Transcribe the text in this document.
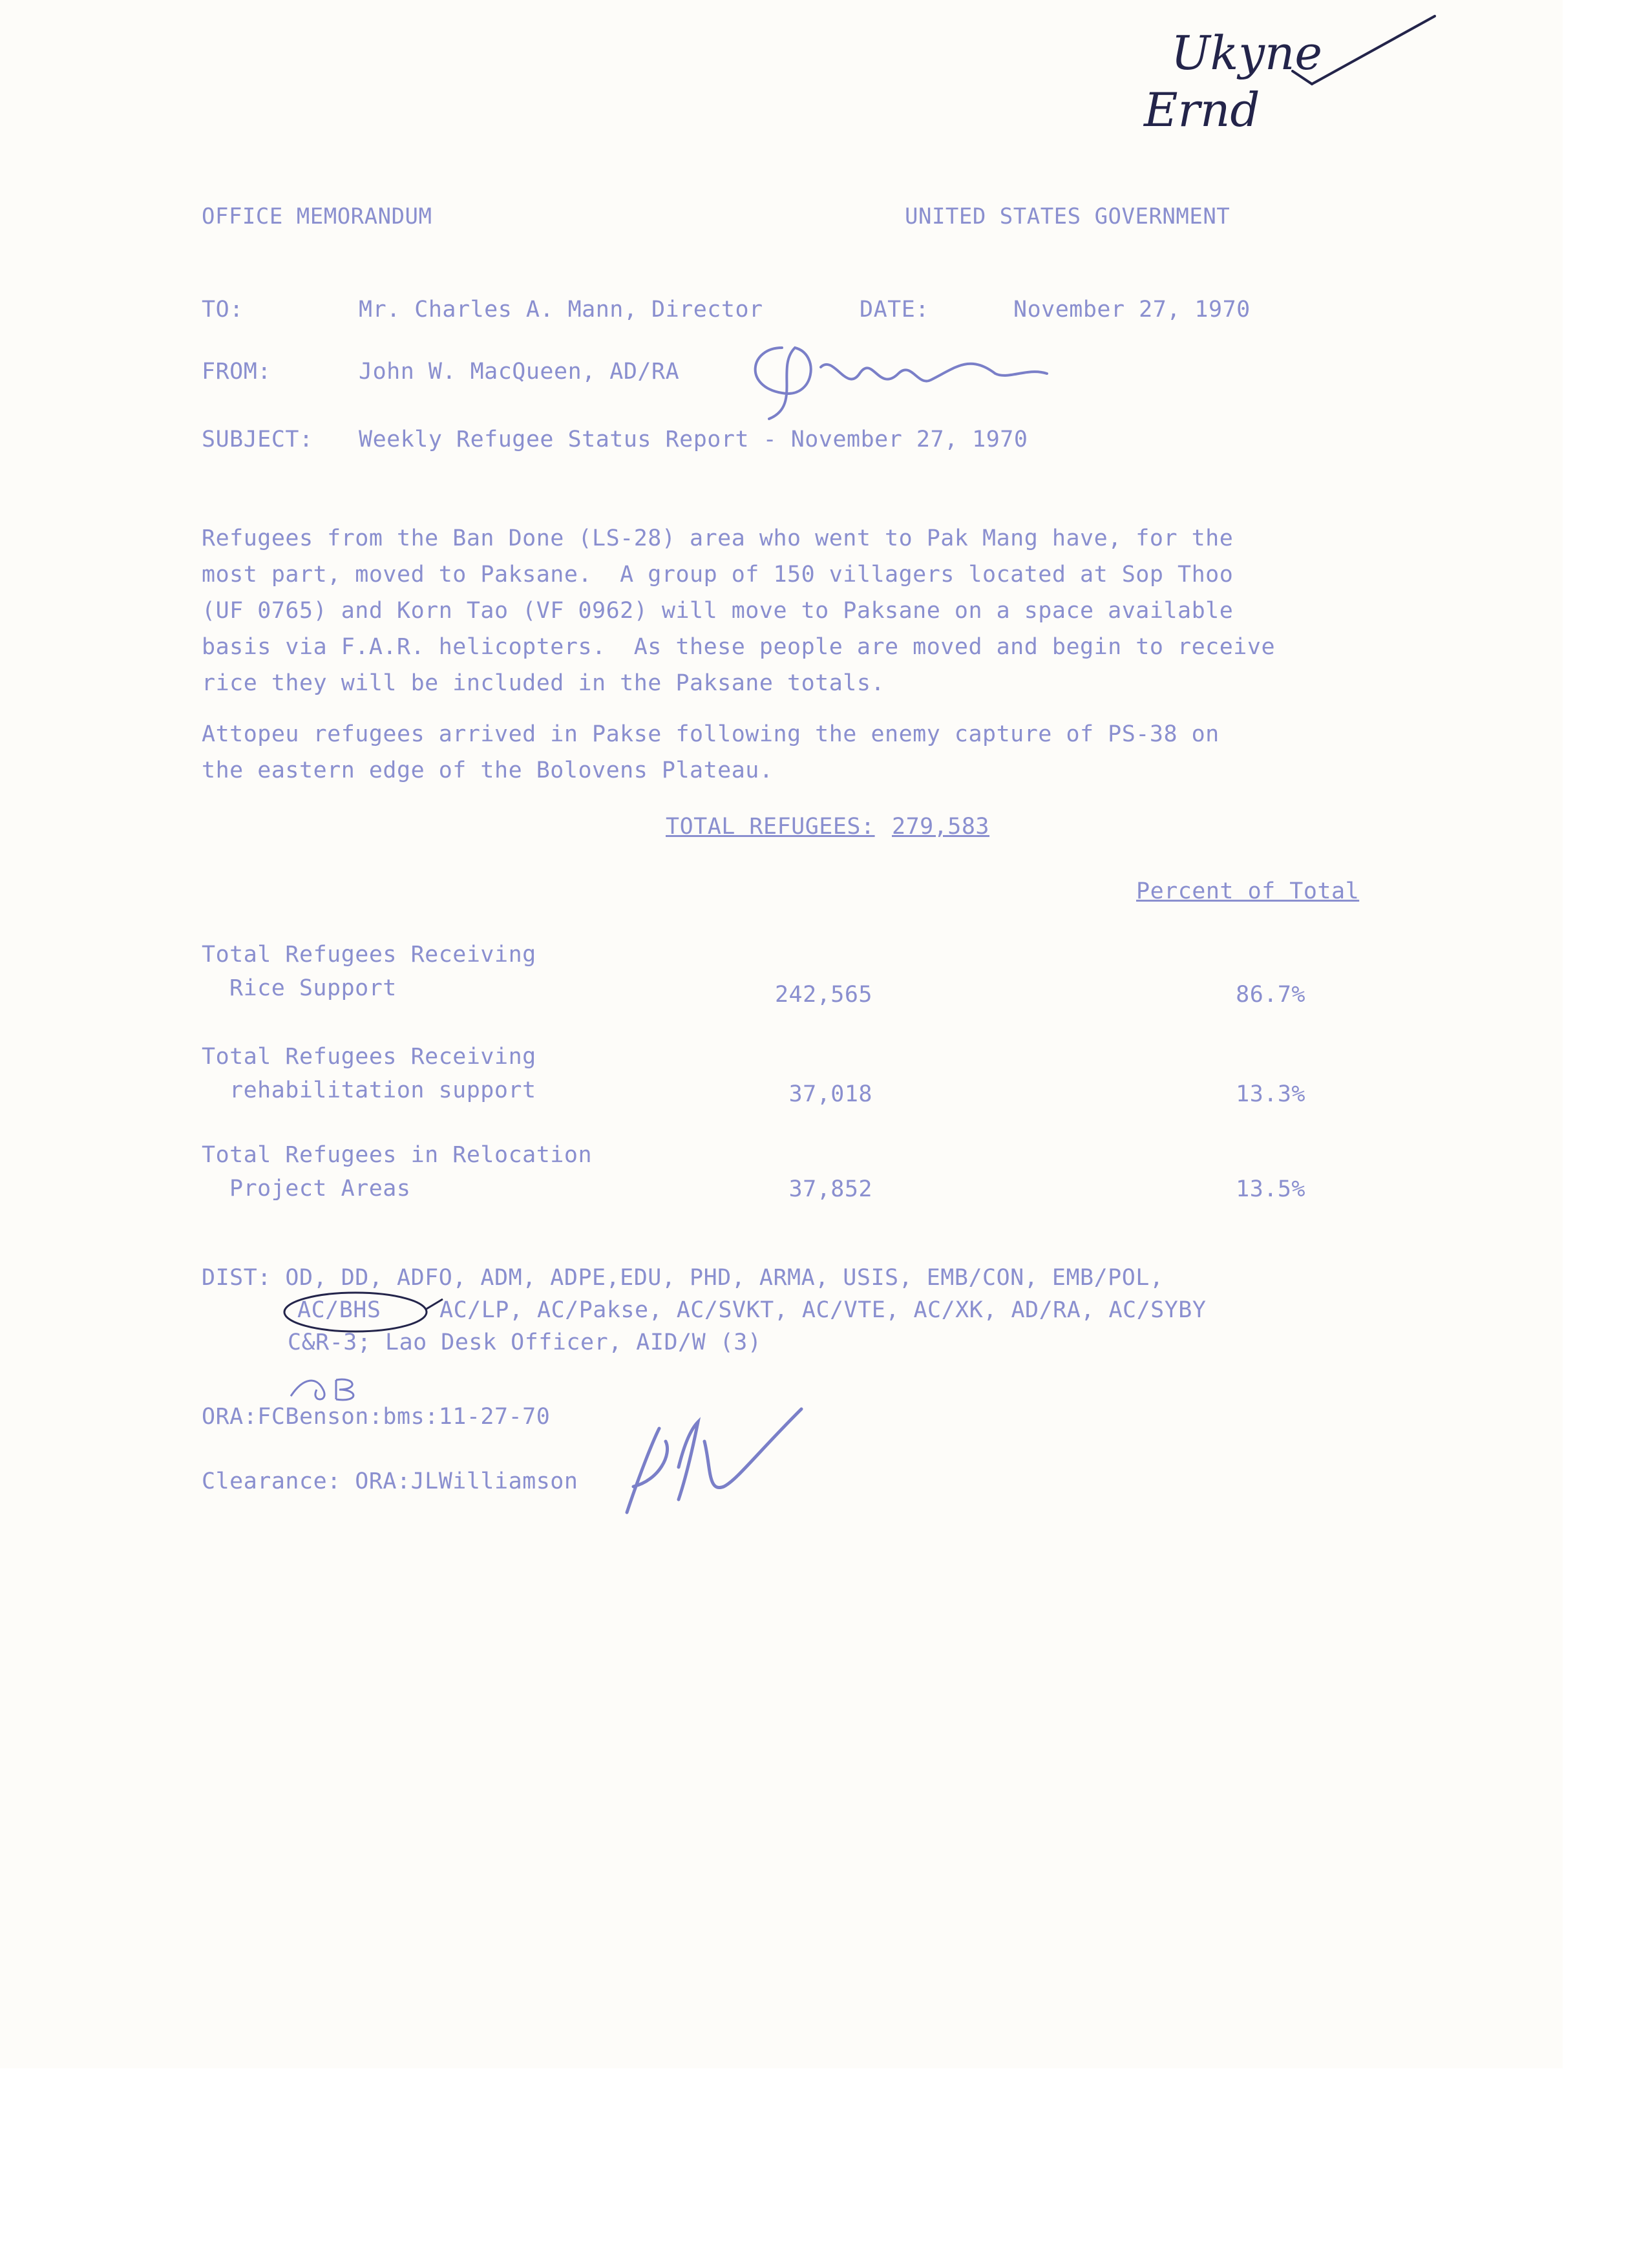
Ukyne
Ernd
OFFICE MEMORANDUM	UNITED STATES GOVERNMENT
TO:	Mr. Charles A. Mann, Director	DATE:	November 27, 1970
FROM:	John W. MacQueen, AD/RA
SUBJECT: Weekly Refugee Status Report - November 27, 1970
Refugees from the Ban Done (LS-28) area who went to Pak Mang have, for the
most part, moved to Paksane.  A group of 150 villagers located at Sop Thoo
(UF 0765) and Korn Tao (VF 0962) will move to Paksane on a space available
basis via F.A.R. helicopters.  As these people are moved and begin to receive
rice they will be included in the Paksane totals.
Attopeu refugees arrived in Pakse following the enemy capture of PS-38 on
the eastern edge of the Bolovens Plateau.
TOTAL REFUGEES: 279,583
Percent of Total
Total Refugees Receiving
Rice Support	242,565	86.7%
Total Refugees Receiving
rehabilitation support	37,018	13.3%
Total Refugees in Relocation
Project Areas	37,852	13.5%
DIST: OD, DD, ADFO, ADM, ADPE,EDU, PHD, ARMA, USIS, EMB/CON, EMB/POL,
AC/BHS	AC/LP, AC/Pakse, AC/SVKT, AC/VTE, AC/XK, AD/RA, AC/SYBY
C&R-3; Lao Desk Officer, AID/W (3)
ORA:FCBenson:bms:11-27-70
Clearance: ORA:JLWilliamson
